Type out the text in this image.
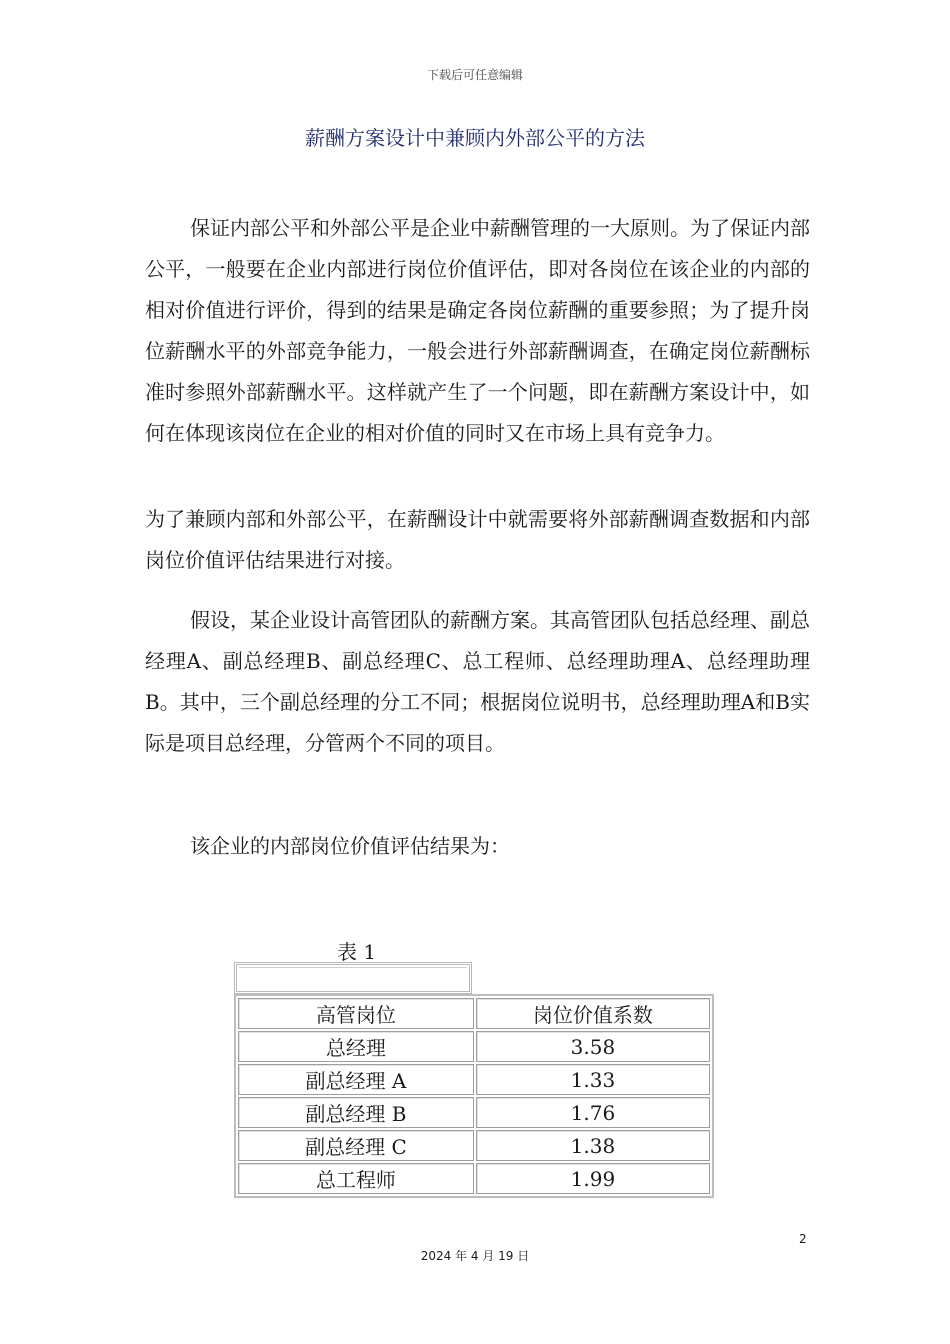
下载后可任意编辑
薪酬方案设计中兼顾内外部公平的方法

保证内部公平和外部公平是企业中薪酬管理的一大原则。为了保证内部公平，一般要在企业内部进行岗位价值评估，即对各岗位在该企业的内部的相对价值进行评价，得到的结果是确定各岗位薪酬的重要参照；为了提升岗位薪酬水平的外部竞争能力，一般会进行外部薪酬调查，在确定岗位薪酬标准时参照外部薪酬水平。这样就产生了一个问题，即在薪酬方案设计中，如何在体现该岗位在企业的相对价值的同时又在市场上具有竞争力。

为了兼顾内部和外部公平，在薪酬设计中就需要将外部薪酬调查数据和内部岗位价值评估结果进行对接。

假设，某企业设计高管团队的薪酬方案。其高管团队包括总经理、副总经理A、副总经理B、副总经理C、总工程师、总经理助理A、总经理助理B。其中，三个副总经理的分工不同；根据岗位说明书，总经理助理A和B实际是项目总经理，分管两个不同的项目。

该企业的内部岗位价值评估结果为：

表 1
高管岗位	岗位价值系数
总经理	3.58
副总经理 A	1.33
副总经理 B	1.76
副总经理 C	1.38
总工程师	1.99
2
2024 年 4 月 19 日
